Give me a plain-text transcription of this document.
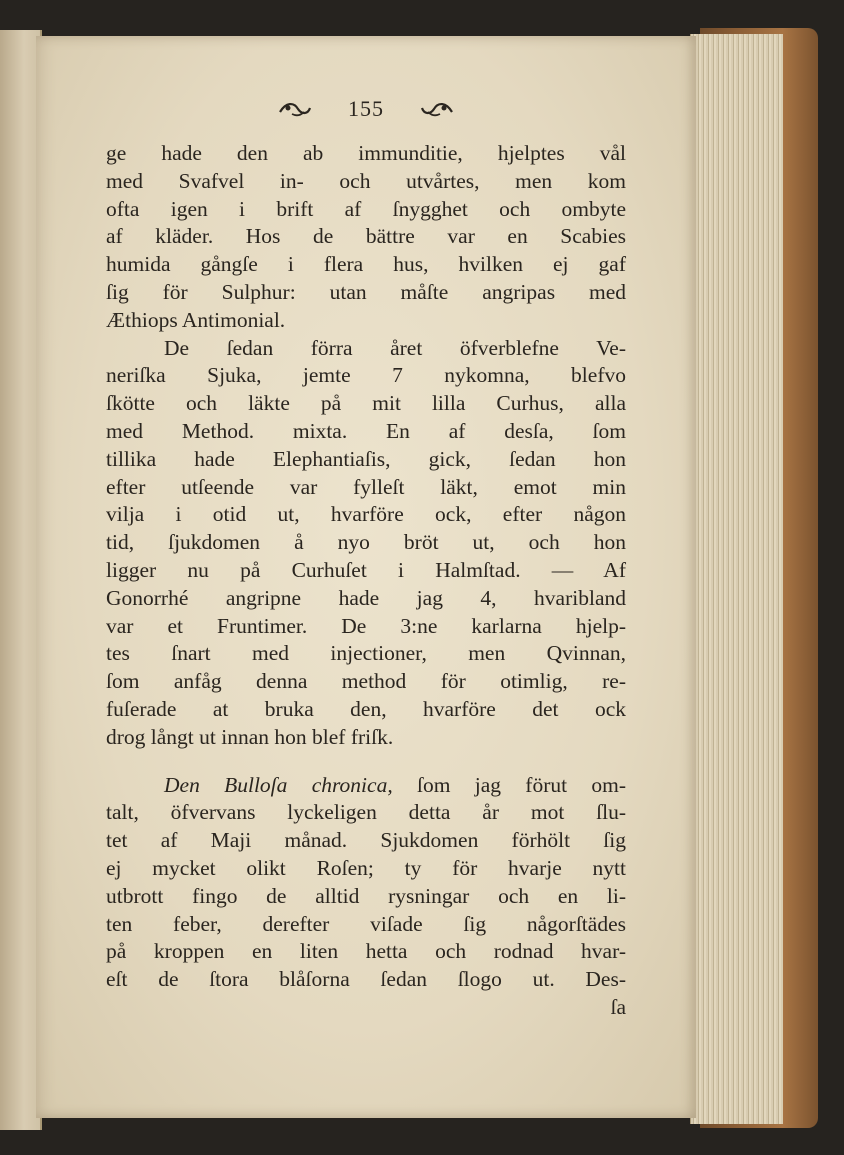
155
ge hade den ab immunditie, hjelptes vål
med Svafvel in- och utvårtes, men kom
ofta igen i brift af ſnygghet och ombyte
af kläder. Hos de bättre var en Scabies
humida gångſe i flera hus, hvilken ej gaf
ſig för Sulphur: utan måſte angripas med
Æthiops Antimonial.
De ſedan förra året öfverblefne Ve-
neriſka Sjuka, jemte 7 nykomna, blefvo
ſkötte och läkte på mit lilla Curhus, alla
med Method. mixta. En af desſa, ſom
tillika hade Elephantiaſis, gick, ſedan hon
efter utſeende var fylleſt läkt, emot min
vilja i otid ut, hvarföre ock, efter någon
tid, ſjukdomen å nyo bröt ut, och hon
ligger nu på Curhuſet i Halmſtad. — Af
Gonorrhé angripne hade jag 4, hvaribland
var et Fruntimer. De 3:ne karlarna hjelp-
tes ſnart med injectioner, men Qvinnan,
ſom anfåg denna method för otimlig, re-
fuſerade at bruka den, hvarföre det ock
drog långt ut innan hon blef friſk.
Den Bulloſa chronica, ſom jag förut om-
talt, öfvervans lyckeligen detta år mot ſlu-
tet af Maji månad. Sjukdomen förhölt ſig
ej mycket olikt Roſen; ty för hvarje nytt
utbrott fingo de alltid rysningar och en li-
ten feber, derefter viſade ſig någorſtädes
på kroppen en liten hetta och rodnad hvar-
eſt de ſtora blåſorna ſedan ſlogo ut. Des-
ſa
